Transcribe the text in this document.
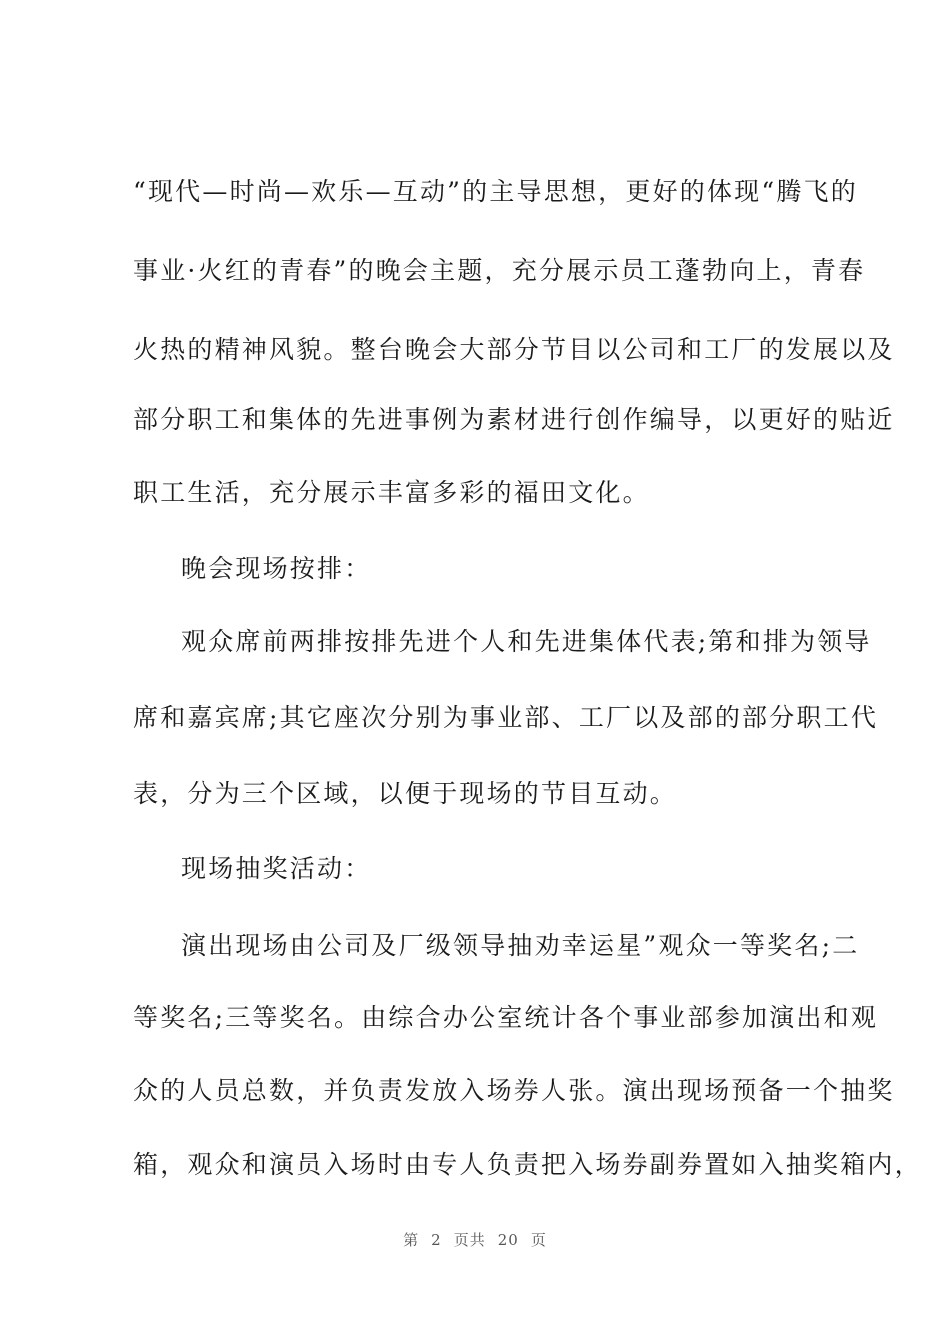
“现代—时尚—欢乐—互动”的主导思想，更好的体现“腾飞的
事业·火红的青春”的晚会主题，充分展示员工蓬勃向上，青春
火热的精神风貌。整台晚会大部分节目以公司和工厂的发展以及
部分职工和集体的先进事例为素材进行创作编导，以更好的贴近
职工生活，充分展示丰富多彩的福田文化。
晚会现场按排：
观众席前两排按排先进个人和先进集体代表;第和排为领导
席和嘉宾席;其它座次分别为事业部、工厂以及部的部分职工代
表，分为三个区域，以便于现场的节目互动。
现场抽奖活动：
演出现场由公司及厂级领导抽劝幸运星”观众一等奖名;二
等奖名;三等奖名。由综合办公室统计各个事业部参加演出和观
众的人员总数，并负责发放入场券人张。演出现场预备一个抽奖
箱，观众和演员入场时由专人负责把入场券副券置如入抽奖箱内，
第 2 页共 20 页
